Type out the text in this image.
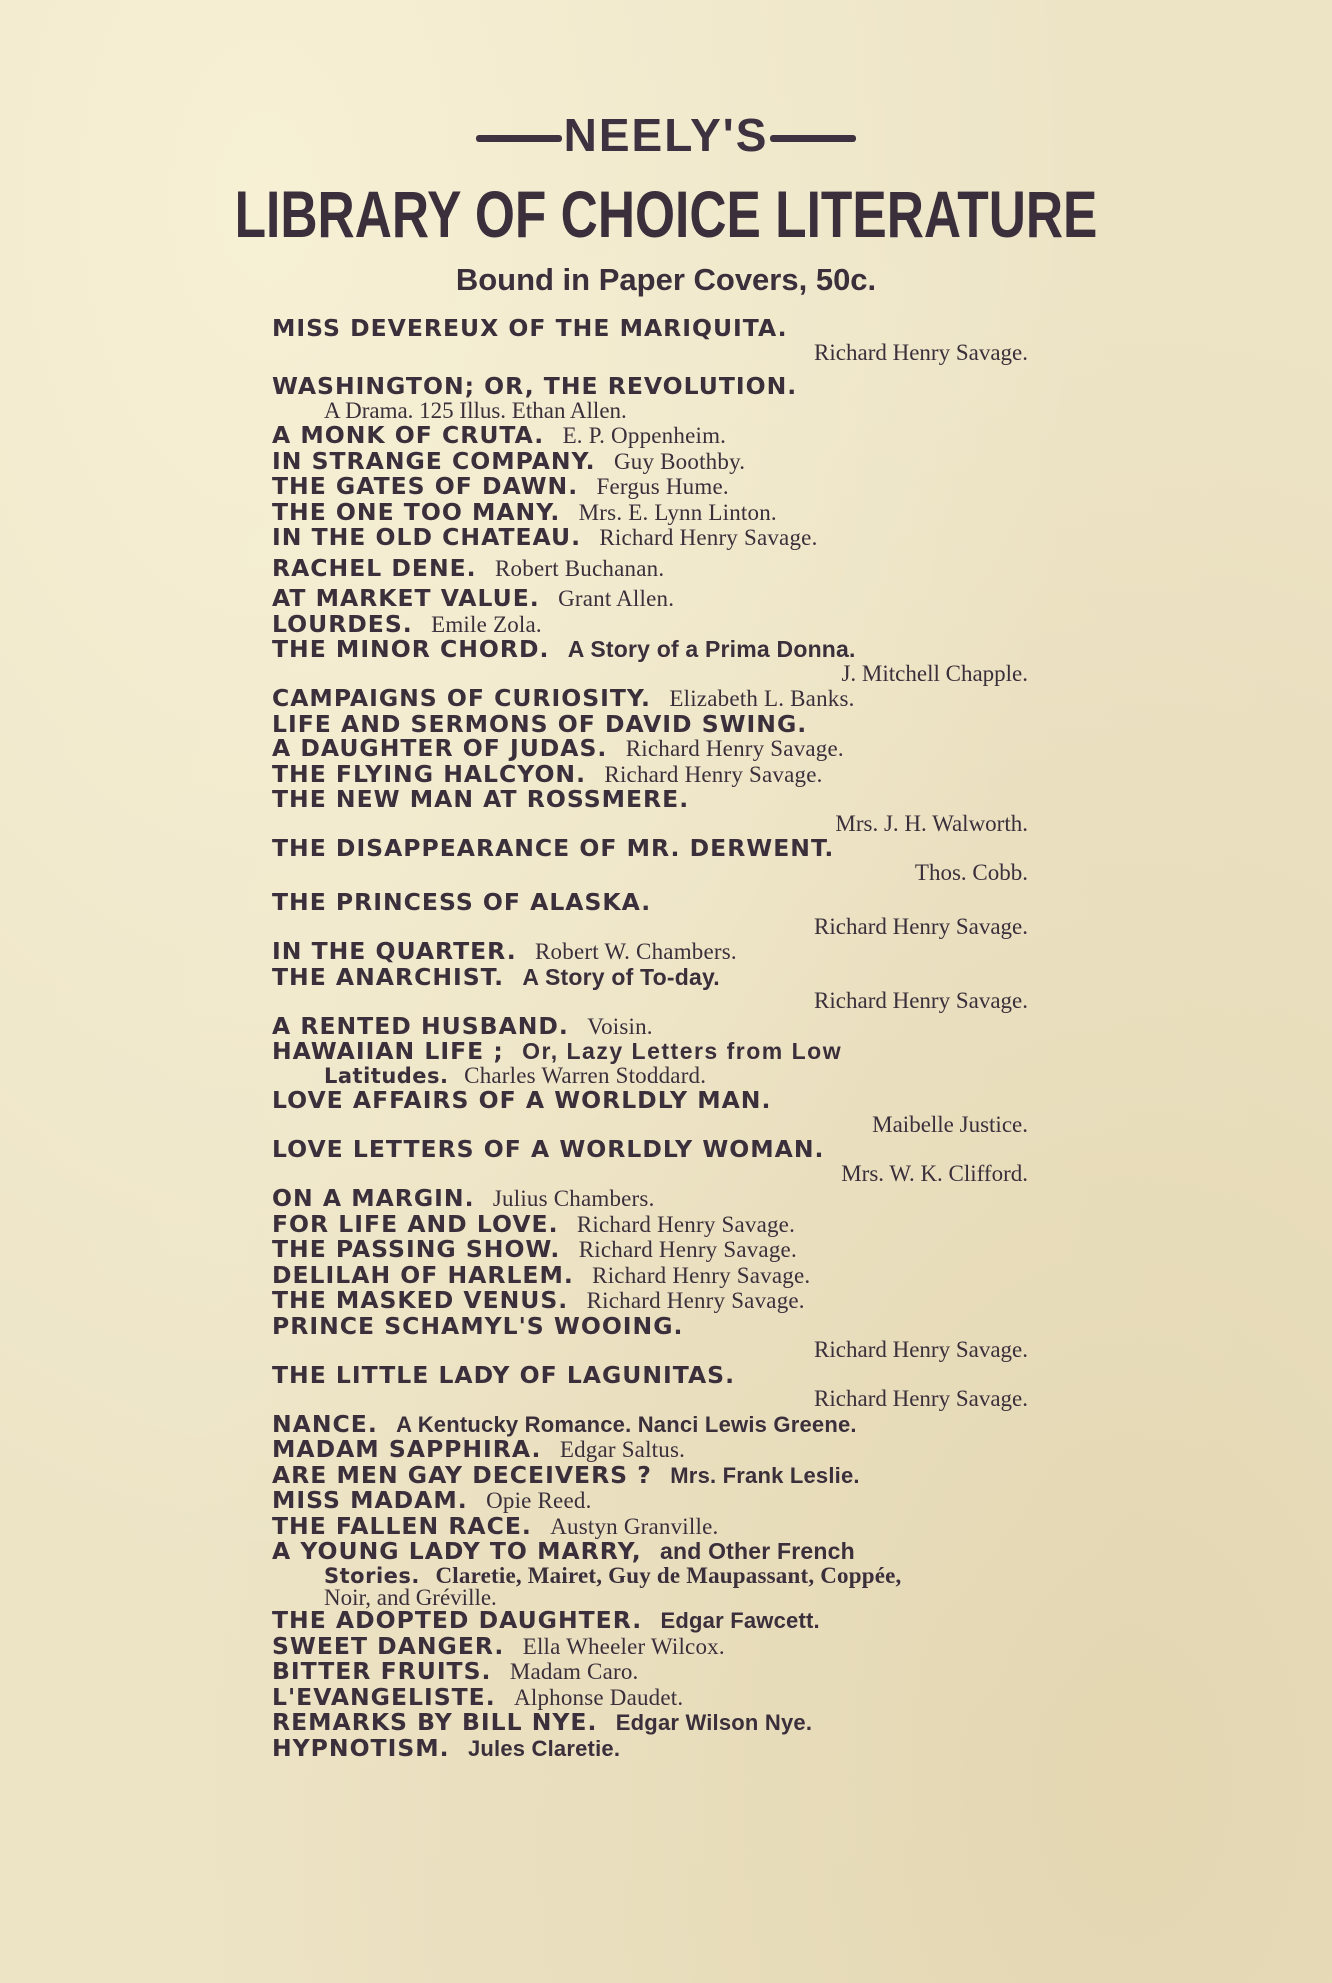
NEELY'S
LIBRARY OF CHOICE LITERATURE
Bound in Paper Covers, 50c.
MISS DEVEREUX OF THE MARIQUITA.
Richard Henry Savage.
WASHINGTON; OR, THE REVOLUTION.
A Drama. 125 Illus. Ethan Allen.
A MONK OF CRUTA. E. P. Oppenheim.
IN STRANGE COMPANY. Guy Boothby.
THE GATES OF DAWN. Fergus Hume.
THE ONE TOO MANY. Mrs. E. Lynn Linton.
IN THE OLD CHATEAU. Richard Henry Savage.
RACHEL DENE. Robert Buchanan.
AT MARKET VALUE. Grant Allen.
LOURDES. Emile Zola.
THE MINOR CHORD. A Story of a Prima Donna.
J. Mitchell Chapple.
CAMPAIGNS OF CURIOSITY. Elizabeth L. Banks.
LIFE AND SERMONS OF DAVID SWING.
A DAUGHTER OF JUDAS. Richard Henry Savage.
THE FLYING HALCYON. Richard Henry Savage.
THE NEW MAN AT ROSSMERE.
Mrs. J. H. Walworth.
THE DISAPPEARANCE OF MR. DERWENT.
Thos. Cobb.
THE PRINCESS OF ALASKA.
Richard Henry Savage.
IN THE QUARTER. Robert W. Chambers.
THE ANARCHIST. A Story of To-day.
Richard Henry Savage.
A RENTED HUSBAND. Voisin.
HAWAIIAN LIFE ; Or, Lazy Letters from Low
Latitudes. Charles Warren Stoddard.
LOVE AFFAIRS OF A WORLDLY MAN.
Maibelle Justice.
LOVE LETTERS OF A WORLDLY WOMAN.
Mrs. W. K. Clifford.
ON A MARGIN. Julius Chambers.
FOR LIFE AND LOVE. Richard Henry Savage.
THE PASSING SHOW. Richard Henry Savage.
DELILAH OF HARLEM. Richard Henry Savage.
THE MASKED VENUS. Richard Henry Savage.
PRINCE SCHAMYL'S WOOING.
Richard Henry Savage.
THE LITTLE LADY OF LAGUNITAS.
Richard Henry Savage.
NANCE. A Kentucky Romance. Nanci Lewis Greene.
MADAM SAPPHIRA. Edgar Saltus.
ARE MEN GAY DECEIVERS ? Mrs. Frank Leslie.
MISS MADAM. Opie Reed.
THE FALLEN RACE. Austyn Granville.
A YOUNG LADY TO MARRY, and Other French
Stories. Claretie, Mairet, Guy de Maupassant, Coppée,
Noir, and Gréville.
THE ADOPTED DAUGHTER. Edgar Fawcett.
SWEET DANGER. Ella Wheeler Wilcox.
BITTER FRUITS. Madam Caro.
L'EVANGELISTE. Alphonse Daudet.
REMARKS BY BILL NYE. Edgar Wilson Nye.
HYPNOTISM. Jules Claretie.
